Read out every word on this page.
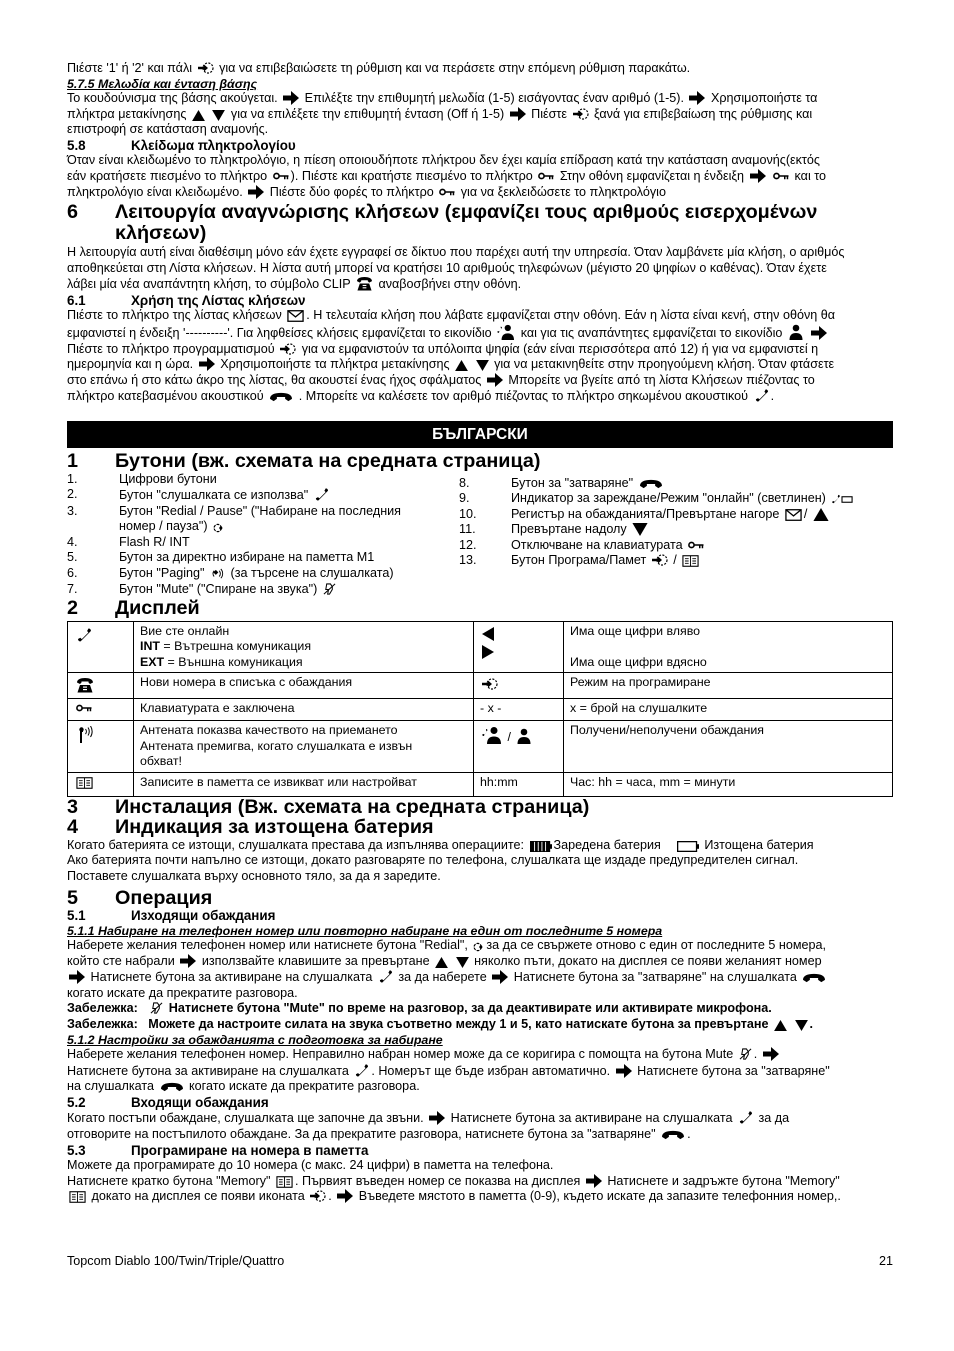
Пιέστε '1' ή '2' και πάλι για να επιβεβαιώσετε τη ρύθμιση και να περάσετε στην επόμενη ρύθμιση παρακάτω.

5.7.5 Μελωδία και ένταση βάσης

Το κουδούνισμα της βάσης ακούγεται. Επιλέξτε την επιθυμητή μελωδία (1-5) εισάγοντας έναν αριθμό (1-5). Χρησιμοποιήστε τα
πλήκτρα μετακίνησης	για να επιλέξετε την επιθυμητή ένταση (Off ή 1-5) Πιέστε ξανά για επιβεβαίωση της ρύθμισης και
επιστροφή σε κατάσταση αναμονής.

5.8	Κλείδωμα πληκτρολογίου

Όταν είναι κλειδωμένο το πληκτρολόγιο, η πίεση οποιουδήποτε πλήκτρου δεν έχει καμία επίδραση κατά την κατάσταση αναμονής(εκτός
εάν κρατήσετε πιεσμένο το πλήκτρο ). Πιέστε και κρατήστε πιεσμένο το πλήκτρο Στην οθόνη εμφανίζεται η ένδειξη	και το
πληκτρολόγιο είναι κλειδωμένο. Πιέστε δύο φορές το πλήκτρο για να ξεκλειδώσετε το πληκτρολόγιο

6	Λειτουργία αναγνώρισης κλήσεων (εμφανίζει τους αριθμούς εισερχομένων κλήσεων)

Η λειτουργία αυτή είναι διαθέσιμη μόνο εάν έχετε εγγραφεί σε δίκτυο που παρέχει αυτή την υπηρεσία. Όταν λαμβάνετε μία κλήση, ο αριθμός
αποθηκεύεται στη Λίστα κλήσεων. Η λίστα αυτή μπορεί να κρατήσει 10 αριθμούς τηλεφώνων (μέγιστο 20 ψηφίων ο καθένας). Όταν έχετε
λάβει μία νέα αναπάντητη κλήση, το σύμβολο CLIP αναβοσβήνει στην οθόνη.

6.1	Χρήση της Λίστας κλήσεων

Πιέστε το πλήκτρο της λίστας κλήσεων . Η τελευταία κλήση που λάβατε εμφανίζεται στην οθόνη. Εάν η λίστα είναι κενή, στην οθόνη θα
εμφανιστεί η ένδειξη '----------'. Για ληφθείσες κλήσεις εμφανίζεται το εικονίδιο και για τις αναπάντητες εμφανίζεται το εικονίδιο
Πιέστε το πλήκτρο προγραμματισμού για να εμφανιστούν τα υπόλοιπα ψηφία (εάν είναι περισσότερα από 12) ή για να εμφανιστεί η
ημερομηνία και η ώρα. Χρησιμοποιήστε τα πλήκτρα μετακίνησης	για να μετακινηθείτε στην προηγούμενη κλήση. Όταν φτάσετε
στο επάνω ή στο κάτω άκρο της λίστας, θα ακουστεί ένας ήχος σφάλματος Μπορείτε να βγείτε από τη λίστα Κλήσεων πιέζοντας το
πλήκτρο κατεβασμένου ακουστικού	. Μπορείτε να καλέσετε τον αριθμό πιέζοντας το πλήκτρο σηκωμένου ακουστικού .

БЪЛГАРСКИ
1	Бутони (вж. схемата на средната страница)
1.	Цифрови бутони
2.	Бутон "слушалката се използва"
3.	Бутон "Redial / Pause" ("Набиране на последния
номер / пауза")
4.	Flash R/ INT
5.	Бутон за директно избиране на паметта M1
6.	Бутон "Paging" (за търсене на слушалката)
7.	Бутон "Mute" ("Спиране на звука")
8.	Бутон за "затваряне"
9.	Индикатор за зареждане/Режим "онлайн" (светлинен)
10.	Регистър на обажданията/Превъртане нагоре /
11.	Превъртане надолу
12.	Отключване на клавиатурата
13.	Бутон Програма/Памет /
2	Дисплей
	Вие сте онлайн
INT = Вътрешна комуникация
EXT = Външна комуникация		Има още цифри вляво

Има още цифри вдясно
	Нови номера в списъка с обаждания		Режим на програмиране
	Клавиатурата е заключена	- x -	x = брой на слушалките
	Антената показва качеството на приемането
Антената премигва, когато слушалката е извън
обхват!	/	Получени/неполучени обаждания
	Записите в паметта се извикват или настройват	hh:mm	Час: hh = часа, mm = минути
3	Инсталация (Вж. схемата на средната страница)
4	Индикация за изтощена батерия

Когато батерията се изтощи, слушалката престава да изпълнява операциите: Заредена батерия	Изтощена батерия
Ако батерията почти напълно се изтощи, докато разговаряте по телефона, слушалката ще издаде предупредителен сигнал.
Поставете слушалката върху основното тяло, за да я заредите.

5	Операция
5.1	Изходящи обаждания
5.1.1 Набиране на телефонен номер или повторно набиране на един от последните 5 номера

Наберете желания телефонен номер или натиснете бутона "Redial", за да се свържете отново с един от последните 5 номера,
който сте набрали използвайте клавишите за превъртане	няколко пъти, докато на дисплея се появи желаният номер
Натиснете бутона за активиране на слушалката за да наберете Натиснете бутона за "затваряне" на слушалката
когато искате да прекратите разговора.

Забележка: Натиснете бутона "Mute" по време на разговор, за да деактивирате или активирате микрофона.

Забележка: Можете да настроите силата на звука съответно между 1 и 5, като натискате бутона за превъртане	.

5.1.2 Настройки за обажданията с подготовка за набиране

Наберете желания телефонен номер. Неправилно набран номер може да се коригира с помощта на бутона Mute .
Натиснете бутона за активиране на слушалката . Номерът ще бъде избран автоматично. Натиснете бутона за "затваряне"
на слушалката	когато искате да прекратите разговора.

5.2	Входящи обаждания

Когато постъпи обаждане, слушалката ще започне да звъни. Натиснете бутона за активиране на слушалката за да
отговорите на постъпилото обаждане. За да прекратите разговора, натиснете бутона за "затваряне"	.

5.3	Програмиране на номера в паметта

Можете да програмирате до 10 номера (с макс. 24 цифри) в паметта на телефона.
Натиснете кратко бутона "Memory" . Първият въведен номер се показва на дисплея Натиснете и задръжте бутона "Memory"
докато на дисплея се появи иконата . Въведете мястото в паметта (0-9), където искате да запазите телефонния номер,.

Topcom Diablo 100/Twin/Triple/Quattro	21
